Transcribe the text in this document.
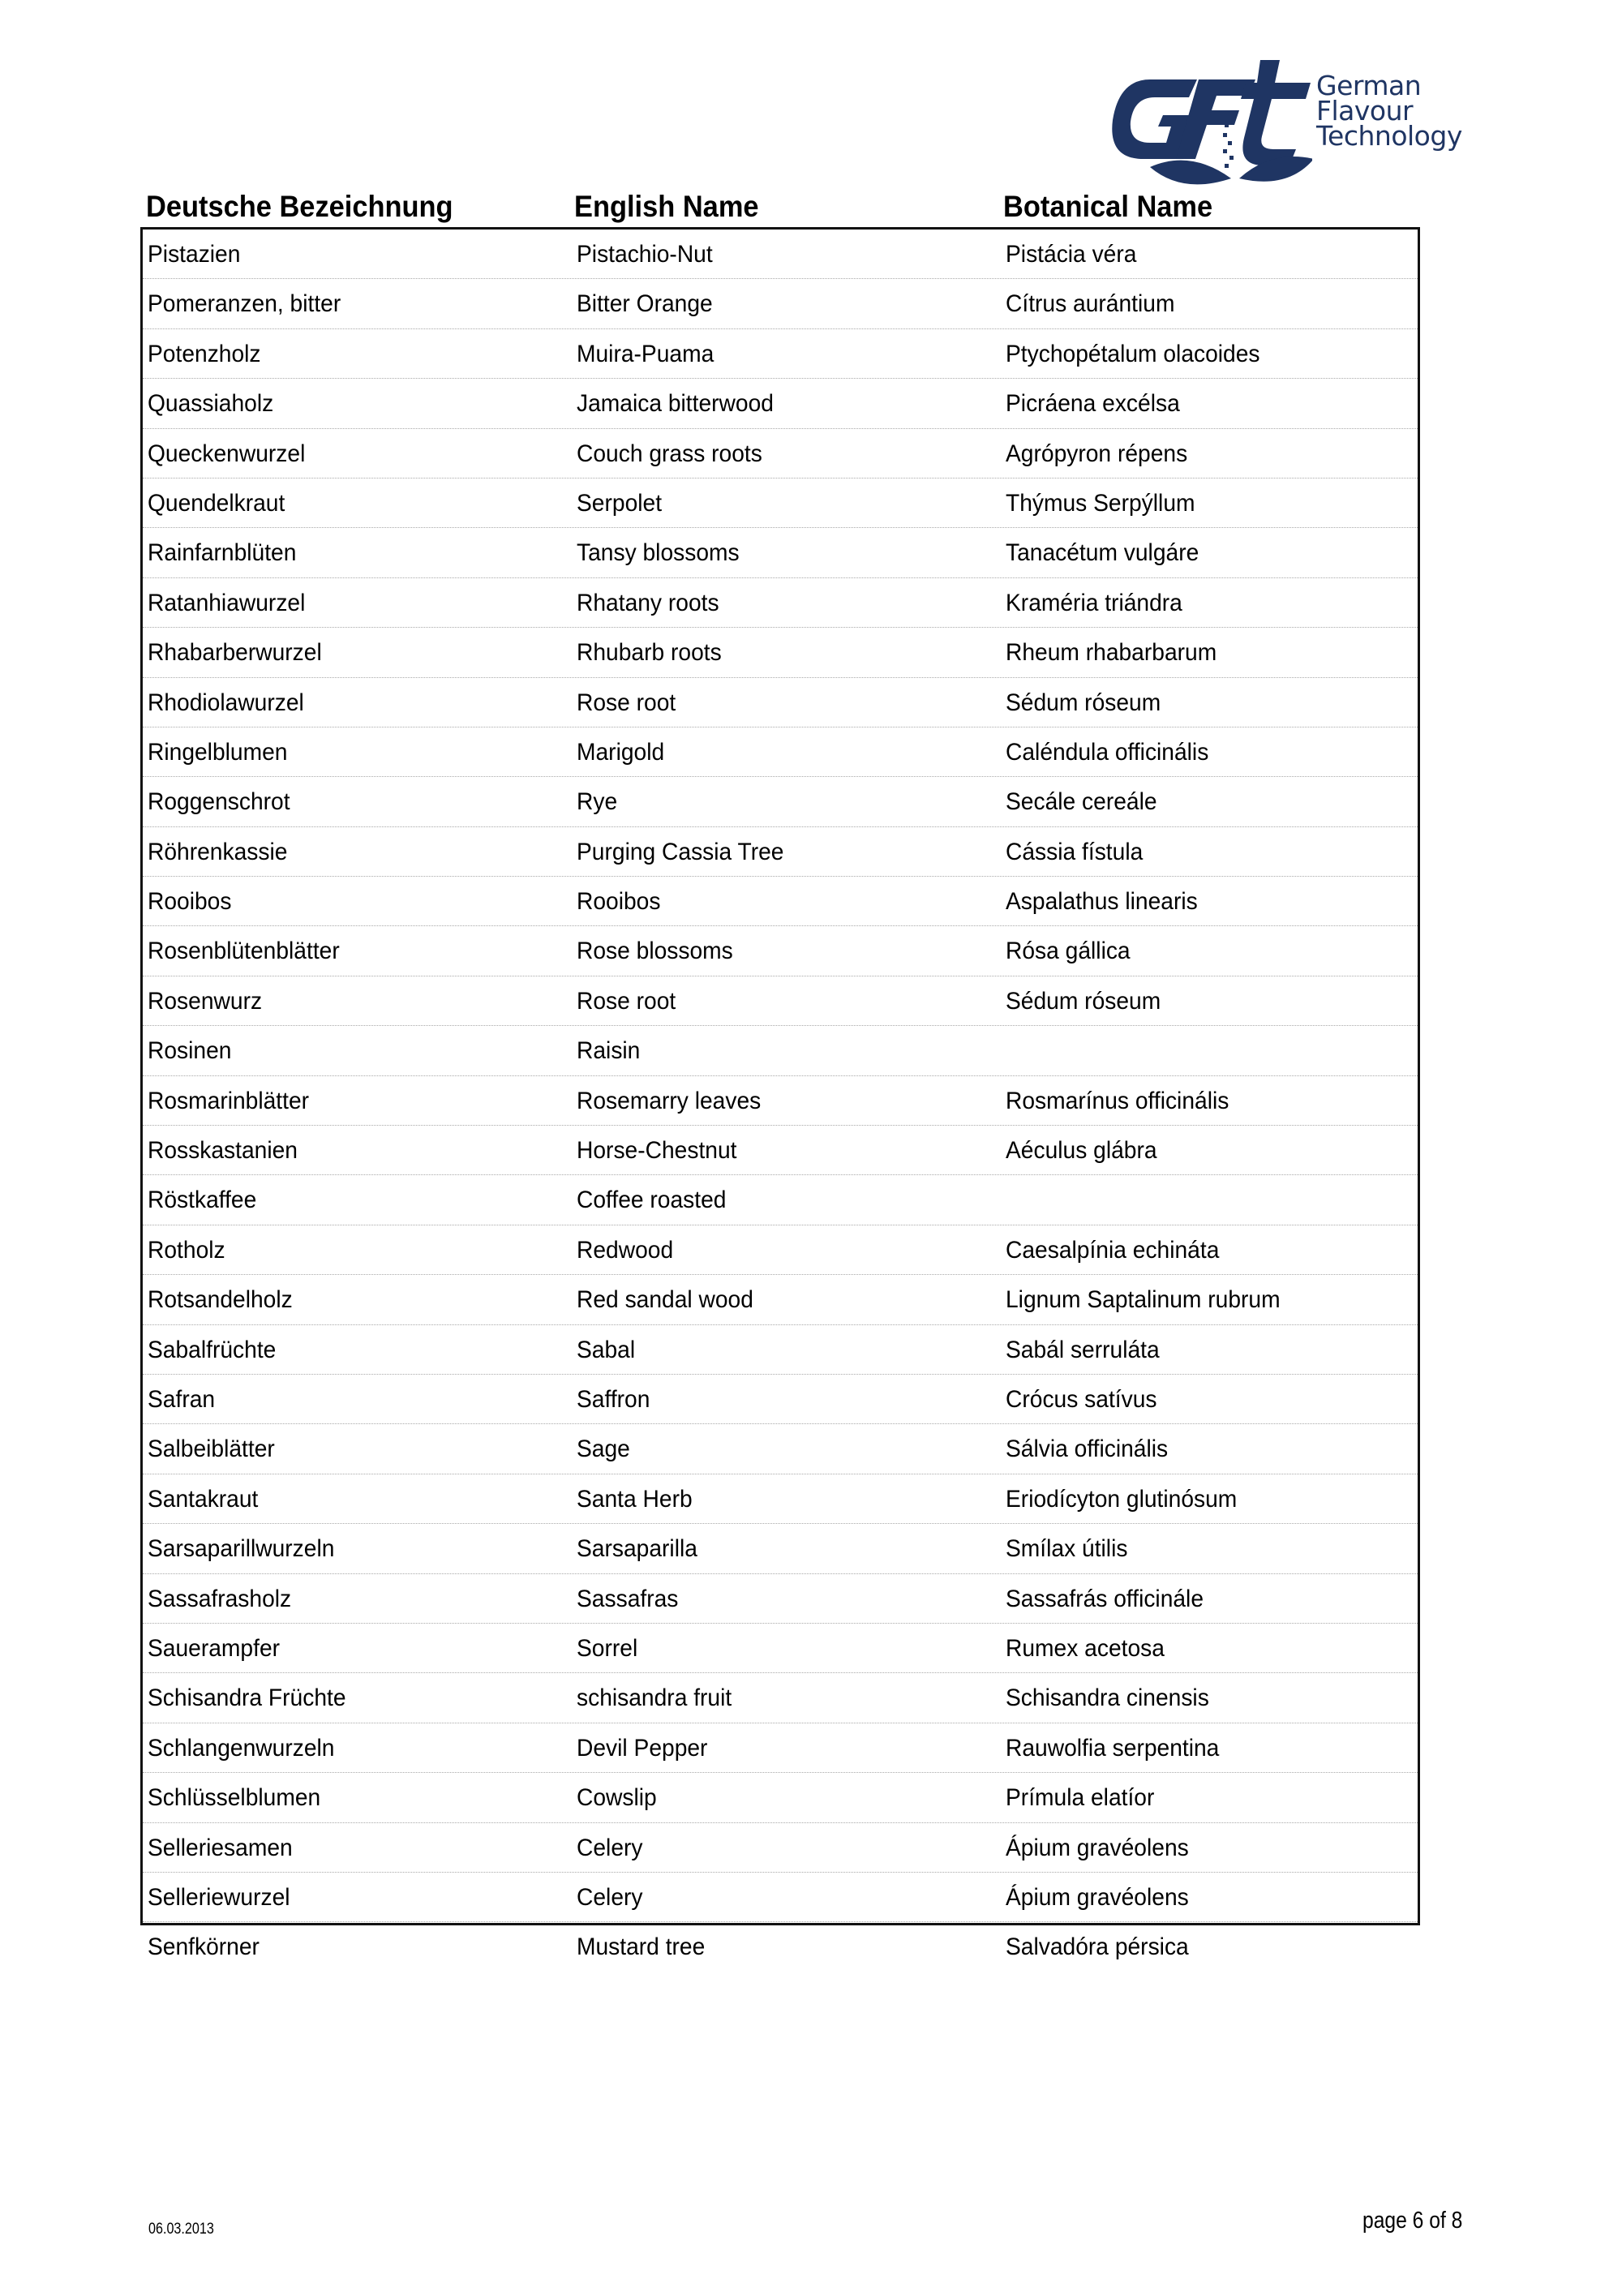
German
Flavour
Technology
Deutsche Bezeichnung	English Name	Botanical Name
Pistazien	Pistachio-Nut	Pistácia véra
Pomeranzen, bitter	Bitter Orange	Cítrus aurántium
Potenzholz	Muira-Puama	Ptychopétalum olacoides
Quassiaholz	Jamaica bitterwood	Picráena excélsa
Queckenwurzel	Couch grass roots	Agrópyron répens
Quendelkraut	Serpolet	Thýmus Serpýllum
Rainfarnblüten	Tansy blossoms	Tanacétum vulgáre
Ratanhiawurzel	Rhatany roots	Kraméria triándra
Rhabarberwurzel	Rhubarb roots	Rheum rhabarbarum
Rhodiolawurzel	Rose root	Sédum róseum
Ringelblumen	Marigold	Caléndula officinális
Roggenschrot	Rye	Secále cereále
Röhrenkassie	Purging Cassia Tree	Cássia fístula
Rooibos	Rooibos	Aspalathus linearis
Rosenblütenblätter	Rose blossoms	Rósa gállica
Rosenwurz	Rose root	Sédum róseum
Rosinen	Raisin
Rosmarinblätter	Rosemarry leaves	Rosmarínus officinális
Rosskastanien	Horse-Chestnut	Aéculus glábra
Röstkaffee	Coffee roasted
Rotholz	Redwood	Caesalpínia echináta
Rotsandelholz	Red sandal wood	Lignum Saptalinum rubrum
Sabalfrüchte	Sabal	Sabál serruláta
Safran	Saffron	Crócus satívus
Salbeiblätter	Sage	Sálvia officinális
Santakraut	Santa Herb	Eriodícyton glutinósum
Sarsaparillwurzeln	Sarsaparilla	Smílax útilis
Sassafrasholz	Sassafras	Sassafrás officinále
Sauerampfer	Sorrel	Rumex acetosa
Schisandra Früchte	schisandra fruit	Schisandra cinensis
Schlangenwurzeln	Devil Pepper	Rauwolfia serpentina
Schlüsselblumen	Cowslip	Prímula elatíor
Selleriesamen	Celery	Ápium gravéolens
Selleriewurzel	Celery	Ápium gravéolens
Senfkörner	Mustard tree	Salvadóra pérsica
06.03.2013	page 6 of 8
